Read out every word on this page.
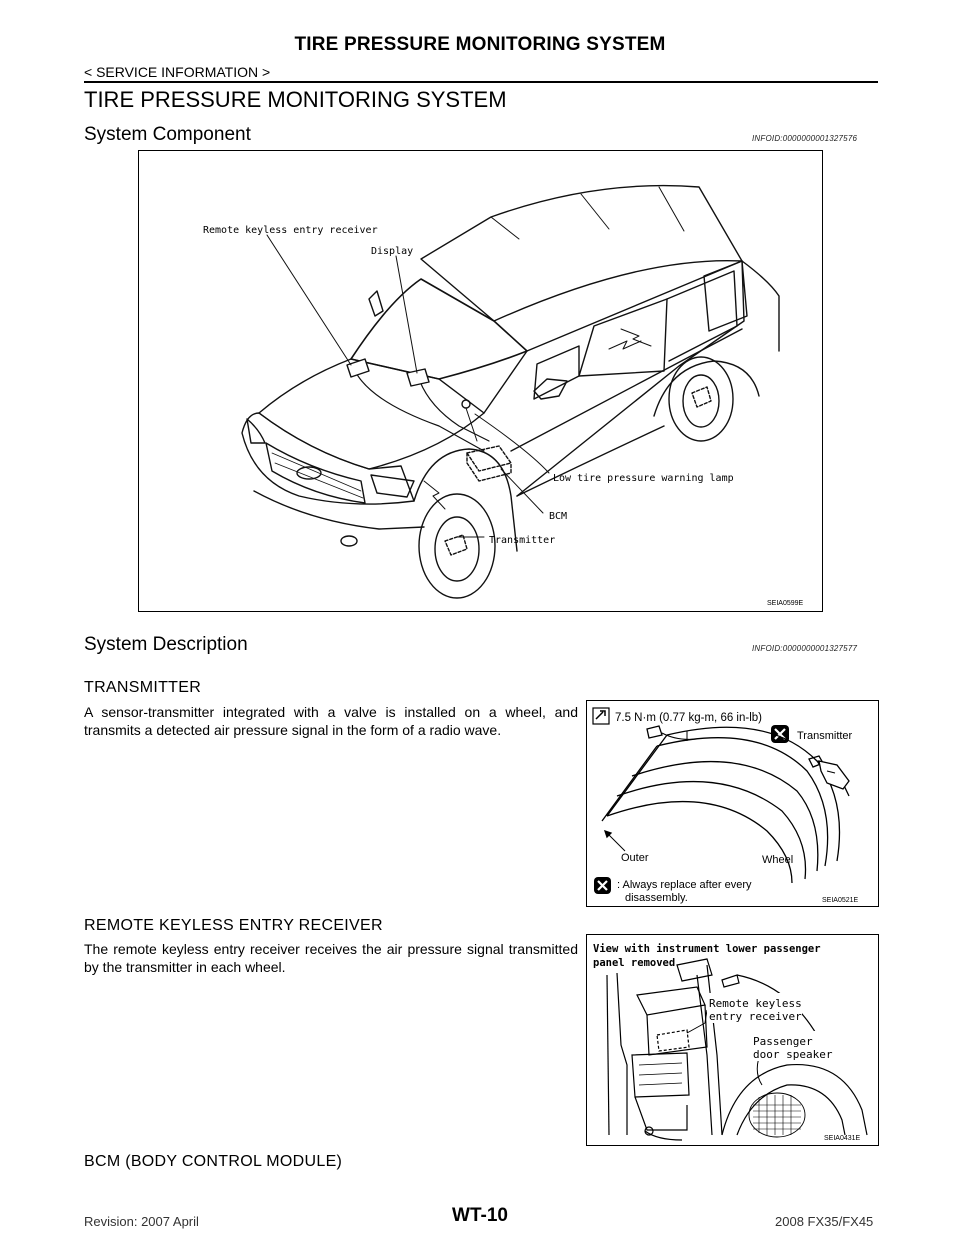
TIRE PRESSURE MONITORING SYSTEM
< SERVICE INFORMATION >
TIRE PRESSURE MONITORING SYSTEM
System Component	INFOID:0000000001327576
Remote keyless entry receiver
Display
Low tire pressure warning lamp
BCM
Transmitter
SEIA0599E
System Description	INFOID:0000000001327577
TRANSMITTER
A sensor-transmitter integrated with a valve is installed on a wheel, and transmits a detected air pressure signal in the form of a radio wave.
7.5 N·m (0.77 kg-m, 66 in-lb)
Transmitter
Outer	Wheel
: Always replace after every
disassembly.	SEIA0521E
REMOTE KEYLESS ENTRY RECEIVER
The remote keyless entry receiver receives the air pressure signal transmitted by the transmitter in each wheel.
View with instrument lower passenger
panel removed
Remote keyless
entry receiver
Passenger
door speaker
SEIA0431E
BCM (BODY CONTROL MODULE)
Revision: 2007 April	WT-10	2008 FX35/FX45
